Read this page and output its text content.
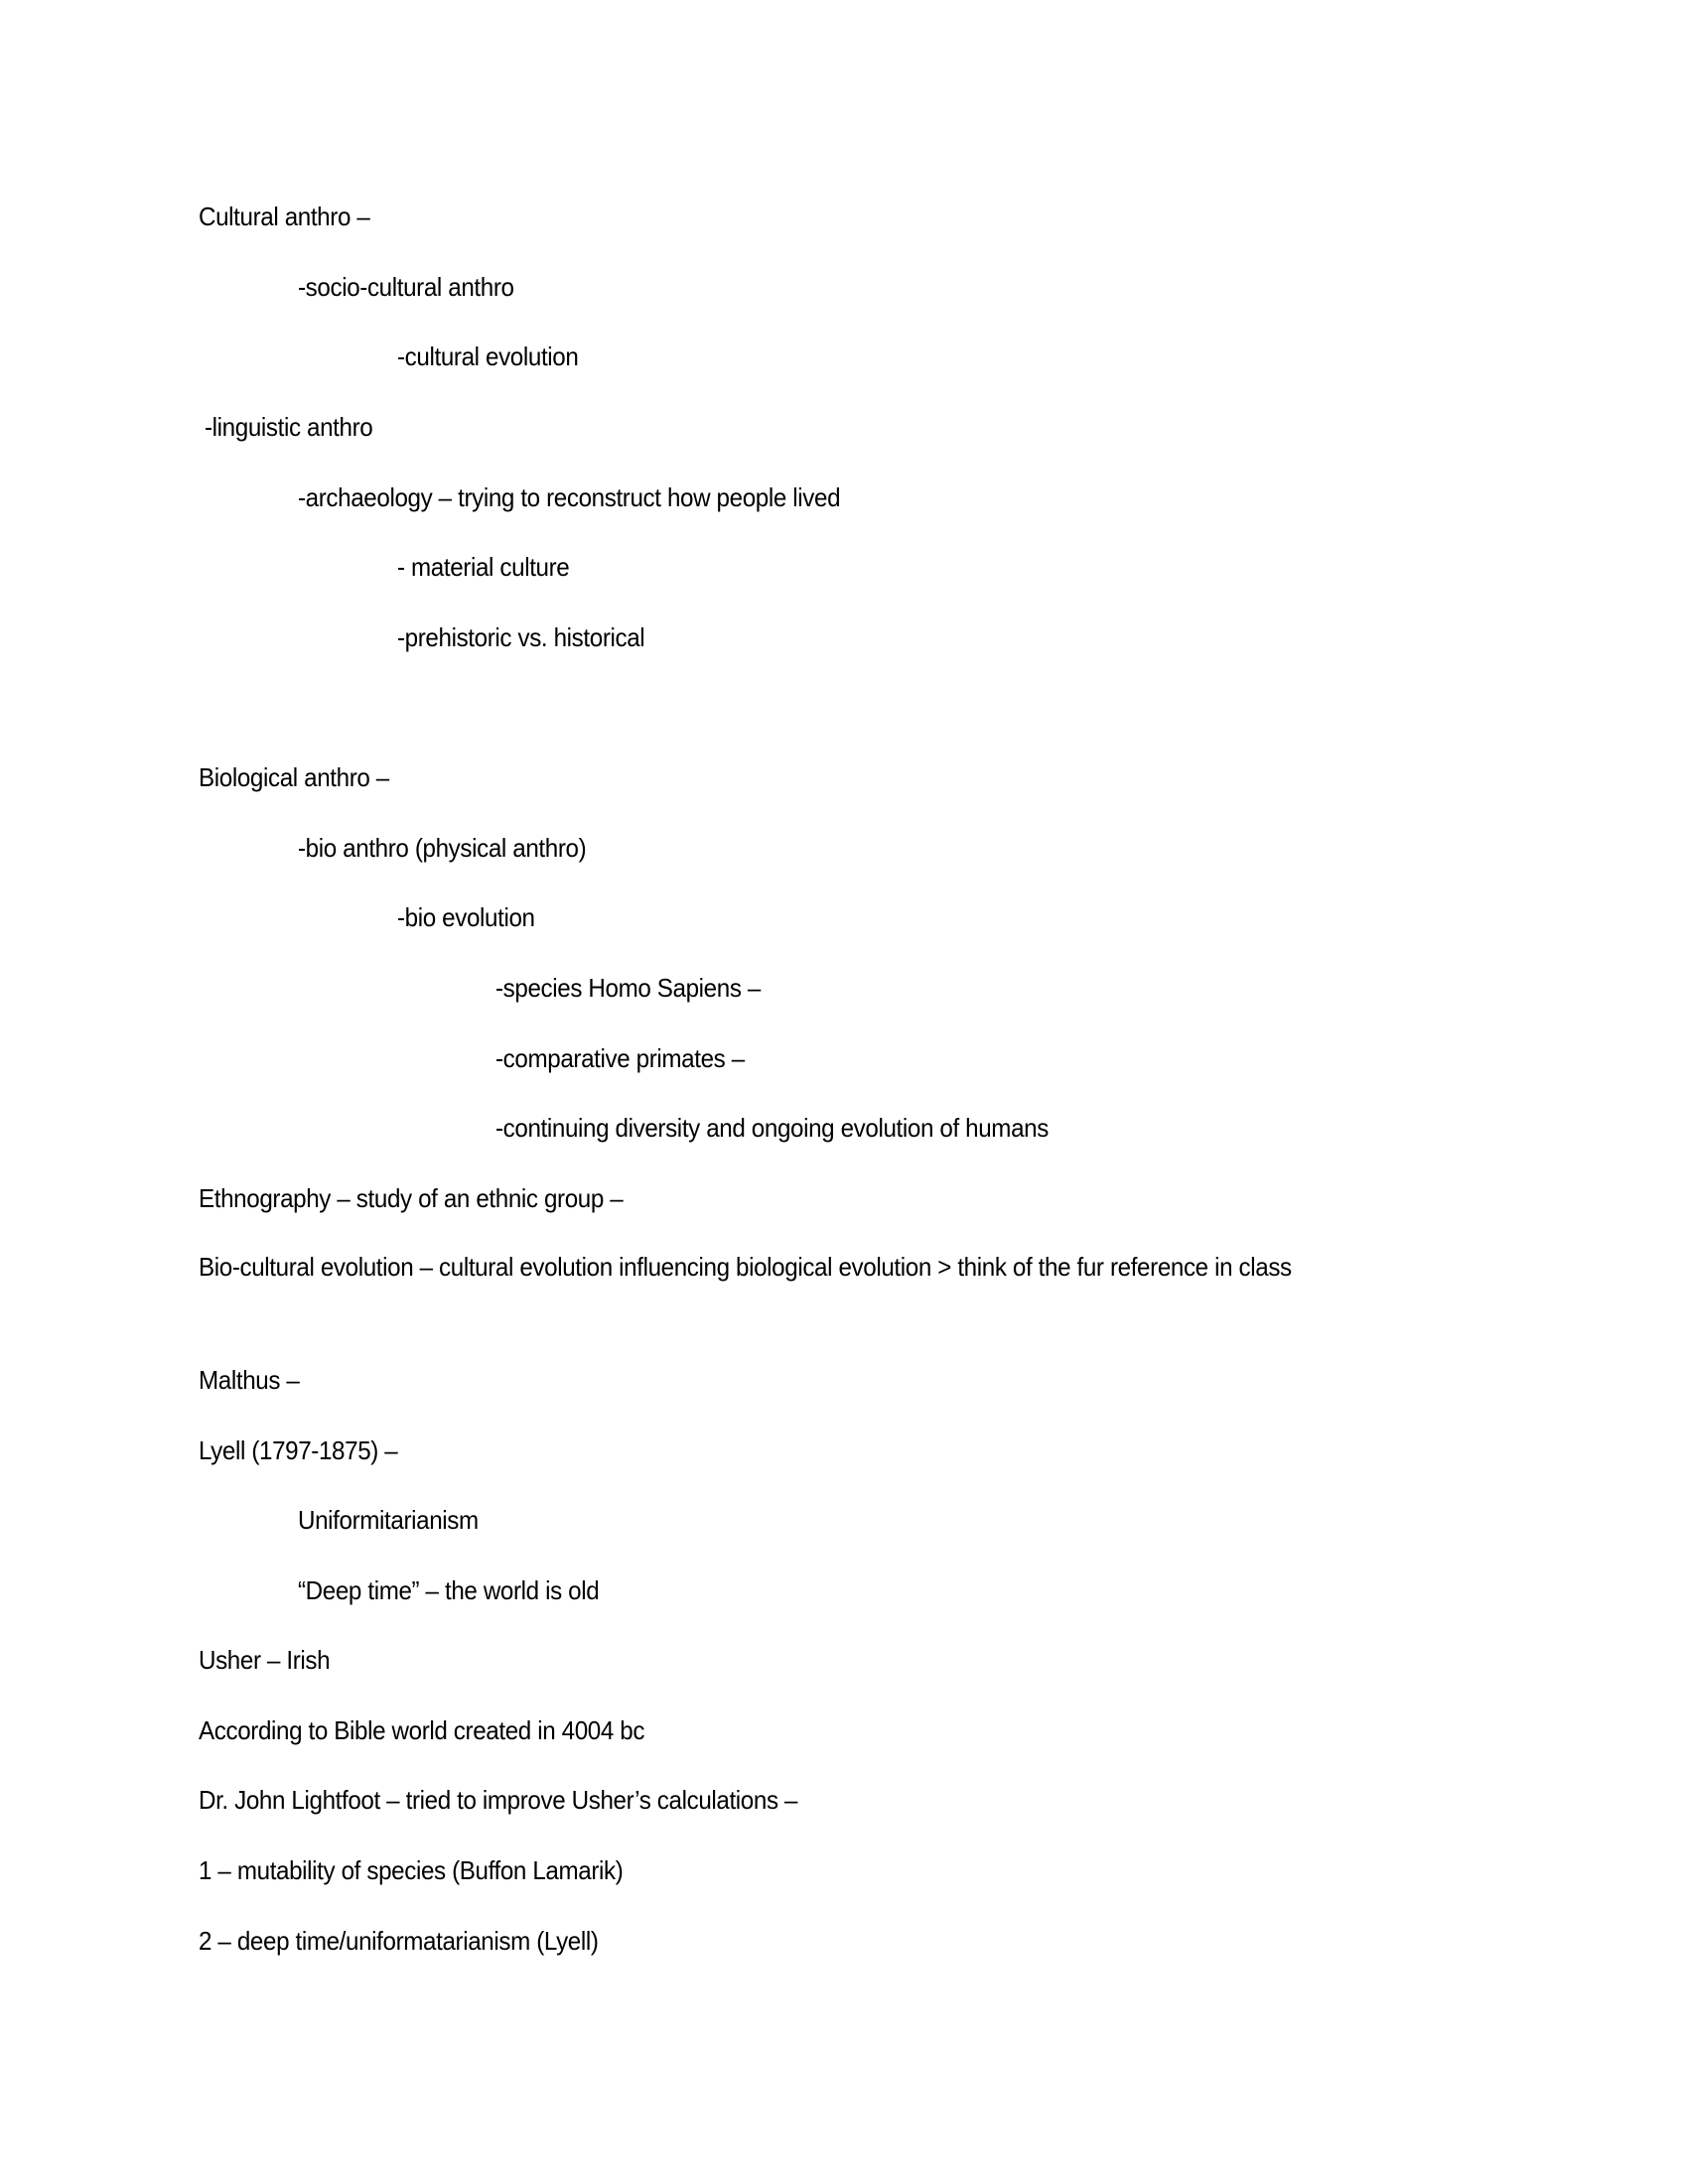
Cultural anthro –
-socio-cultural anthro
-cultural evolution
-linguistic anthro
-archaeology – trying to reconstruct how people lived
- material culture
-prehistoric vs. historical
Biological anthro –
-bio anthro (physical anthro)
-bio evolution
-species Homo Sapiens –
-comparative primates –
-continuing diversity and ongoing evolution of humans
Ethnography – study of an ethnic group –
Bio-cultural evolution – cultural evolution influencing biological evolution > think of the fur reference in class
Malthus –
Lyell (1797-1875) –
Uniformitarianism
“Deep time” – the world is old
Usher – Irish
According to Bible world created in 4004 bc
Dr. John Lightfoot – tried to improve Usher’s calculations –
1 – mutability of species (Buffon Lamarik)
2 – deep time/uniformatarianism (Lyell)
